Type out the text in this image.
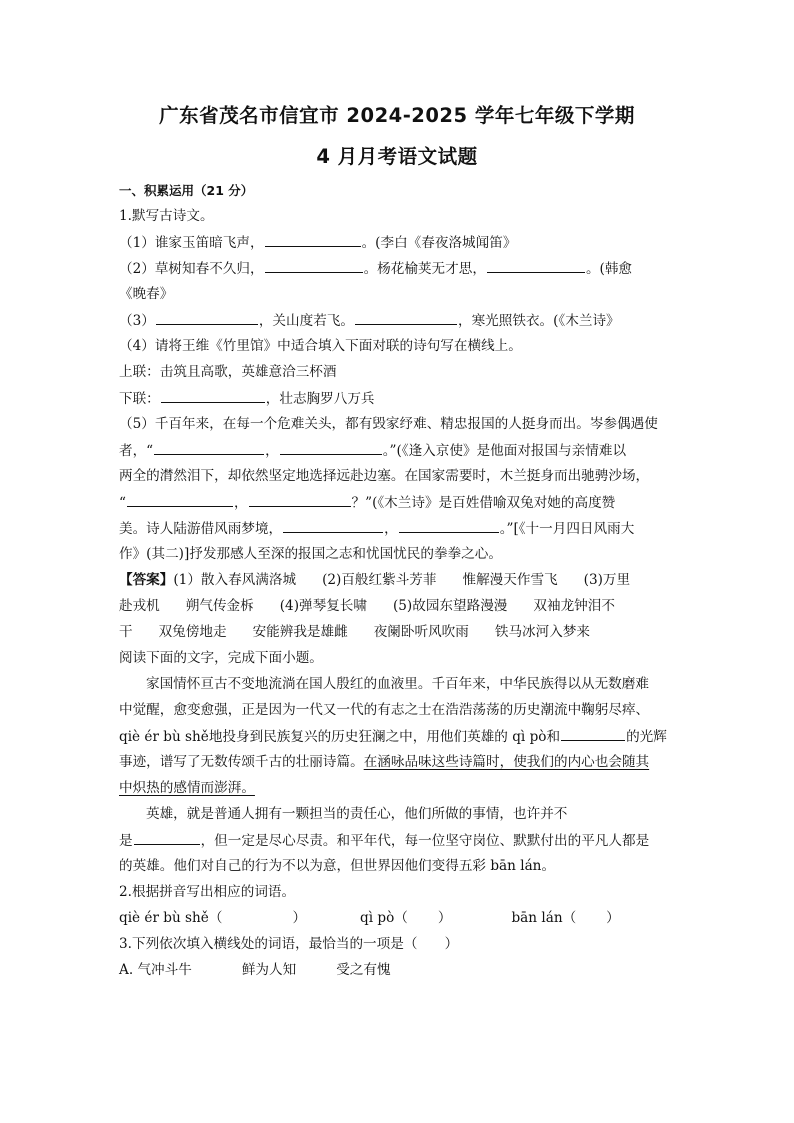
广东省茂名市信宜市 2024-2025 学年七年级下学期
4 月月考语文试题
一、积累运用（21 分）
1.默写古诗文。
（1）谁家玉笛暗飞声，	。(李白《春夜洛城闻笛》
（2）草树知春不久归，	。杨花榆荚无才思，	。(韩愈
《晚春》
（3）	，关山度若飞。	，寒光照铁衣。(《木兰诗》
（4）请将王维《竹里馆》中适合填入下面对联的诗句写在横线上。
上联：击筑且高歌，英雄意洽三杯酒
下联：	，壮志胸罗八万兵
（5）千百年来，在每一个危难关头，都有毁家纾难、精忠报国的人挺身而出。岑参偶遇使
者，“	，	。”(《逢入京使》是他面对报国与亲情难以
两全的潸然泪下，却依然坚定地选择远赴边塞。在国家需要时，木兰挺身而出驰骋沙场，
“	，	？”(《木兰诗》是百姓借喻双兔对她的高度赞
美。诗人陆游借风雨梦境，	，	。”[《十一月四日风雨大
作》(其二)]抒发那感人至深的报国之志和忧国忧民的拳拳之心。
【答案】(1）散入春风满洛城 (2)百般红紫斗芳菲 惟解漫天作雪飞 (3)万里
赴戎机 朔气传金柝 (4)弹琴复长啸 (5)故园东望路漫漫 双袖龙钟泪不
干 双兔傍地走 安能辨我是雄雌 夜阑卧听风吹雨 铁马冰河入梦来
阅读下面的文字，完成下面小题。
家国情怀亘古不变地流淌在国人殷红的血液里。千百年来，中华民族得以从无数磨难
中觉醒，愈变愈强，正是因为一代又一代的有志之士在浩浩荡荡的历史潮流中鞠躬尽瘁、
qiè ér bù shě地投身到民族复兴的历史狂澜之中，用他们英雄的 qì pò和	的光辉
事迹，谱写了无数传颂千古的壮丽诗篇。在涵咏品味这些诗篇时，使我们的内心也会随其
中炽热的感情而澎湃。
英雄，就是普通人拥有一颗担当的责任心，他们所做的事情，也许并不
是	，但一定是尽心尽责。和平年代，每一位坚守岗位、默默付出的平凡人都是
的英雄。他们对自己的行为不以为意，但世界因他们变得五彩 bān lán。
2.根据拼音写出相应的词语。
qiè ér bù shě（	）	qì pò（ ）	bān lán（ ）
3.下列依次填入横线处的词语，最恰当的一项是（　　）
A. 气冲斗牛	鲜为人知	受之有愧
